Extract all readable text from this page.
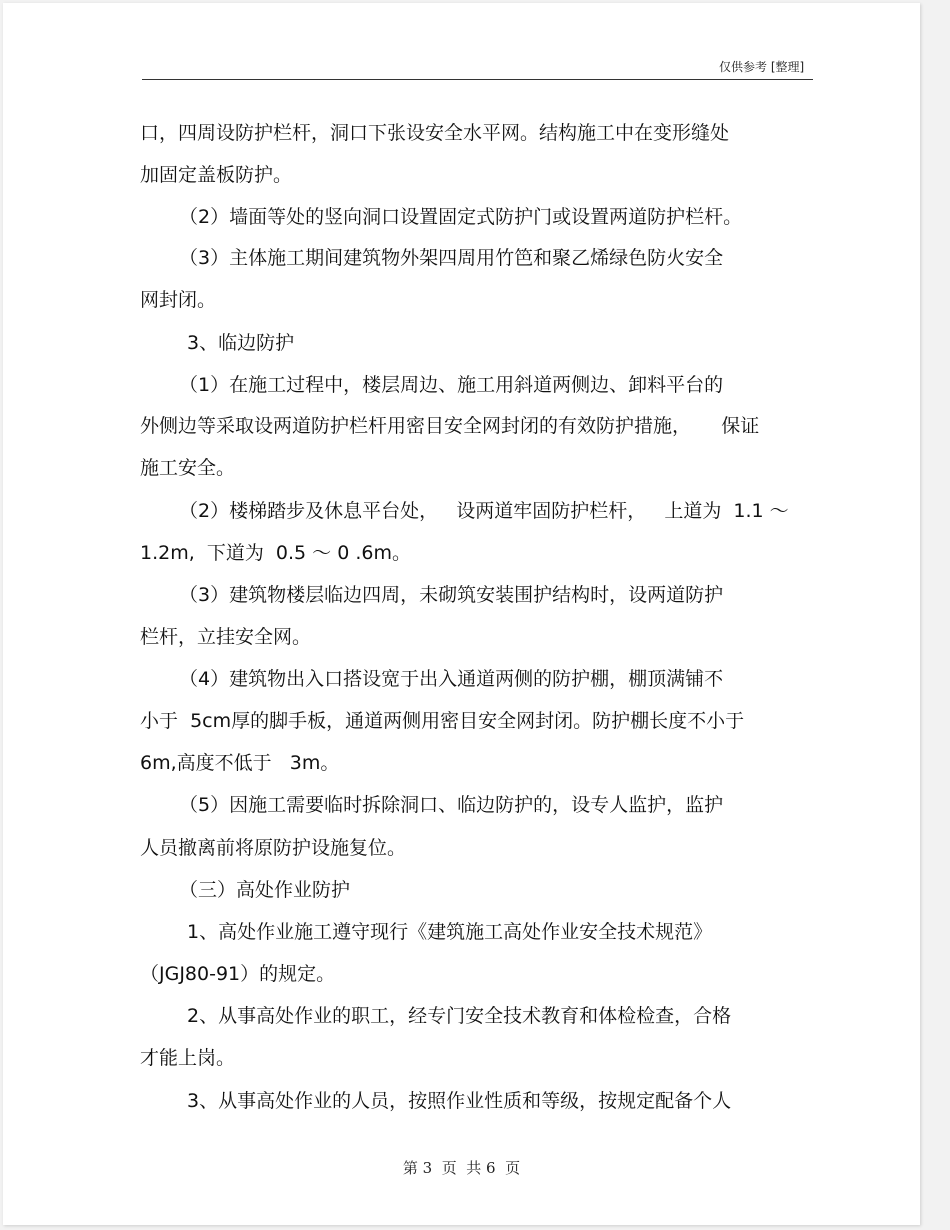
仅供参考 [整理]
口，四周设防护栏杆，洞口下张设安全水平网。结构施工中在变形缝处
加固定盖板防护。
（2）墙面等处的竖向洞口设置固定式防护门或设置两道防护栏杆。
（3）主体施工期间建筑物外架四周用竹笆和聚乙烯绿色防火安全
网封闭。
3、临边防护
（1）在施工过程中，楼层周边、施工用斜道两侧边、卸料平台的
外侧边等采取设两道防护栏杆用密目安全网封闭的有效防护措施，     保证
施工安全。
（2）楼梯踏步及休息平台处，   设两道牢固防护栏杆，   上道为  1.1 ～
1.2m,  下道为  0.5 ～ 0 .6m。
（3）建筑物楼层临边四周，未砌筑安装围护结构时，设两道防护
栏杆，立挂安全网。
（4）建筑物出入口搭设宽于出入通道两侧的防护棚，棚顶满铺不
小于  5cm厚的脚手板，通道两侧用密目安全网封闭。防护棚长度不小于
6m,高度不低于   3m。
（5）因施工需要临时拆除洞口、临边防护的，设专人监护，监护
人员撤离前将原防护设施复位。
（三）高处作业防护
1、高处作业施工遵守现行《建筑施工高处作业安全技术规范》
（JGJ80-91）的规定。
2、从事高处作业的职工，经专门安全技术教育和体检检查，合格
才能上岗。
3、从事高处作业的人员，按照作业性质和等级，按规定配备个人
第 3  页  共 6  页
